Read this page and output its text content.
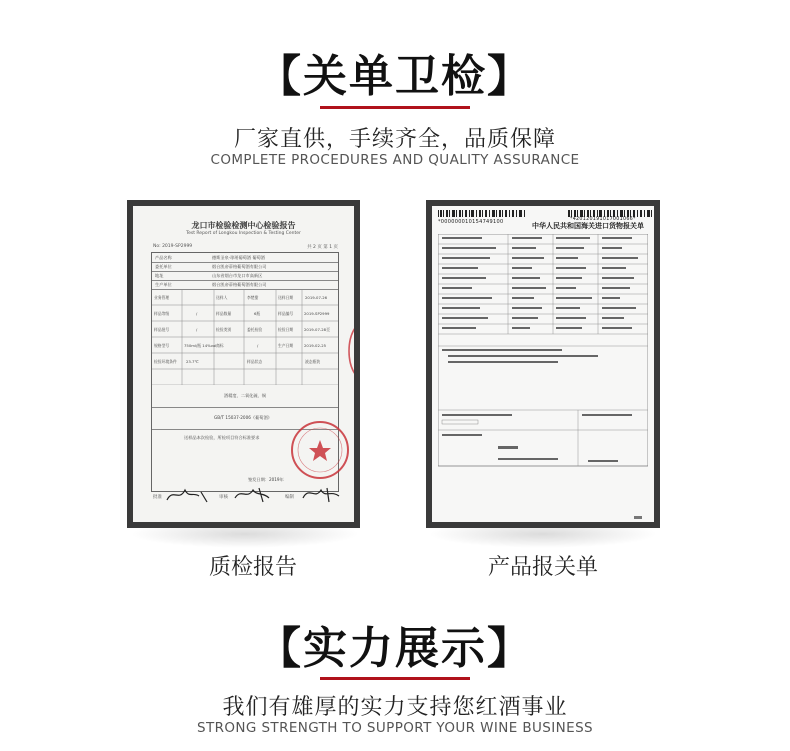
【关单卫检】
厂家直供，手续齐全，品质保障
COMPLETE PROCEDURES AND QUALITY ASSURANCE
龙口市检验检测中心检验报告
Test Report of Longkou Inspection & Testing Center
No: 2019-SP2999	共 2 页 第 1 页
产品名称	德斯圣泉·琼瑶葡萄酒 葡萄酒
委托单位	烟台凯帝蒂格葡萄酒有限公司
地址	山东省烟台市龙口市高新区
生产单位	烟台凯帝蒂格葡萄酒有限公司
业务管理	送样人	李楚甜	送样日期	2019-07-26
样品等级	/	样品数量	6瓶	样品编号	2019-SP2999
样品批号	/	检验类别	委托检验	检验日期	2019-07-28至
规格型号	750ml/瓶 14%vol 商标	/	生产日期	2019-02-25
检验环境条件 23.7℃	样品状态	液态瓶装
酒精度、二氧化硫、铜
GB/T 15037-2006《葡萄酒》
送样品本次检验，所检项目符合标准要求
签发日期：2019年
批准	审核	编制
*000000010154749100	中华人民共和国海关进口货物报关单
*420120191017001066*
质检报告	产品报关单
【实力展示】
我们有雄厚的实力支持您红酒事业
STRONG STRENGTH TO SUPPORT YOUR WINE BUSINESS
